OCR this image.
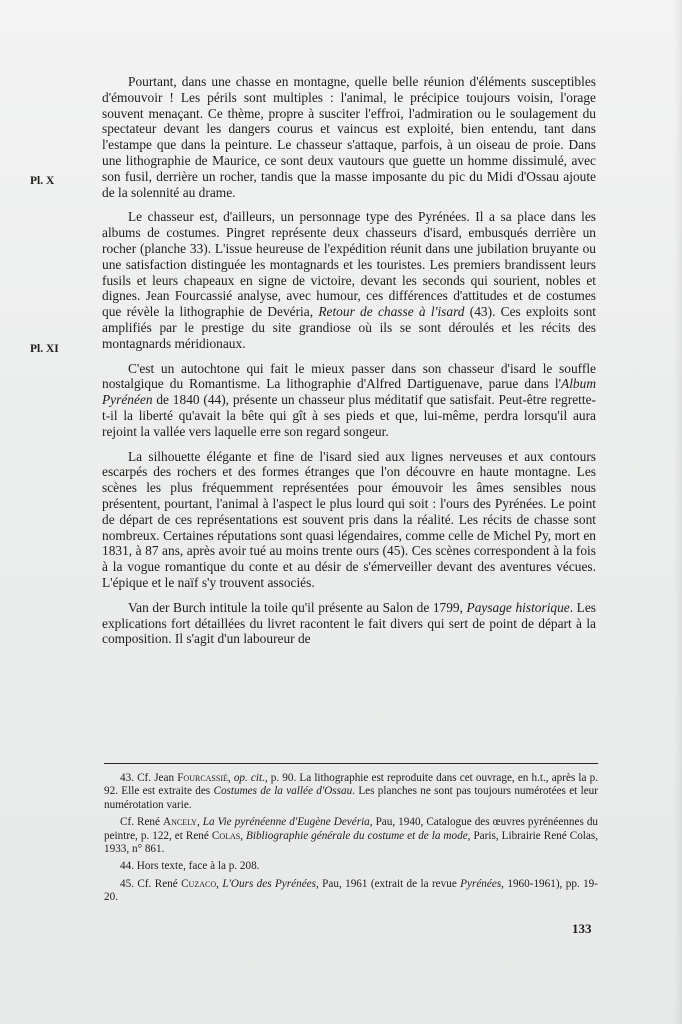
Pl. X
Pl. XI

Pourtant, dans une chasse en montagne, quelle belle réunion d'éléments susceptibles d'émouvoir ! Les périls sont multiples : l'animal, le précipice toujours voisin, l'orage souvent menaçant. Ce thème, propre à susciter l'effroi, l'admiration ou le soulagement du spectateur devant les dangers courus et vaincus est exploité, bien entendu, tant dans l'estampe que dans la peinture. Le chasseur s'attaque, parfois, à un oiseau de proie. Dans une lithographie de Maurice, ce sont deux vautours que guette un homme dissimulé, avec son fusil, derrière un rocher, tandis que la masse imposante du pic du Midi d'Ossau ajoute de la solennité au drame.

Le chasseur est, d'ailleurs, un personnage type des Pyrénées. Il a sa place dans les albums de costumes. Pingret représente deux chasseurs d'isard, embusqués derrière un rocher (planche 33). L'issue heureuse de l'expédition réunit dans une jubilation bruyante ou une satisfaction distinguée les montagnards et les touristes. Les premiers brandissent leurs fusils et leurs chapeaux en signe de victoire, devant les seconds qui sourient, nobles et dignes. Jean Fourcassié analyse, avec humour, ces différences d'attitudes et de costumes que révèle la lithographie de Devéria, Retour de chasse à l'isard (43). Ces exploits sont amplifiés par le prestige du site grandiose où ils se sont déroulés et les récits des montagnards méridionaux.

C'est un autochtone qui fait le mieux passer dans son chasseur d'isard le souffle nostalgique du Romantisme. La lithographie d'Alfred Dartiguenave, parue dans l'Album Pyrénéen de 1840 (44), présente un chasseur plus méditatif que satisfait. Peut-être regrette-t-il la liberté qu'avait la bête qui gît à ses pieds et que, lui-même, perdra lorsqu'il aura rejoint la vallée vers laquelle erre son regard songeur.

La silhouette élégante et fine de l'isard sied aux lignes nerveuses et aux contours escarpés des rochers et des formes étranges que l'on découvre en haute montagne. Les scènes les plus fréquemment représentées pour émouvoir les âmes sensibles nous présentent, pourtant, l'animal à l'aspect le plus lourd qui soit : l'ours des Pyrénées. Le point de départ de ces représentations est souvent pris dans la réalité. Les récits de chasse sont nombreux. Certaines réputations sont quasi légendaires, comme celle de Michel Py, mort en 1831, à 87 ans, après avoir tué au moins trente ours (45). Ces scènes correspondent à la fois à la vogue romantique du conte et au désir de s'émerveiller devant des aventures vécues. L'épique et le naïf s'y trouvent associés.

Van der Burch intitule la toile qu'il présente au Salon de 1799, Paysage historique. Les explications fort détaillées du livret racontent le fait divers qui sert de point de départ à la composition. Il s'agit d'un laboureur de

43. Cf. Jean Fourcassié, op. cit., p. 90. La lithographie est reproduite dans cet ouvrage, en h.t., après la p. 92. Elle est extraite des Costumes de la vallée d'Ossau. Les planches ne sont pas toujours numérotées et leur numérotation varie.

Cf. René Ancely, La Vie pyrénéenne d'Eugène Devéria, Pau, 1940, Catalogue des œuvres pyrénéennes du peintre, p. 122, et René Colas, Bibliographie générale du costume et de la mode, Paris, Librairie René Colas, 1933, n° 861.

44. Hors texte, face à la p. 208.

45. Cf. René Cuzaco, L'Ours des Pyrénées, Pau, 1961 (extrait de la revue Pyrénées, 1960-1961), pp. 19-20.

133
